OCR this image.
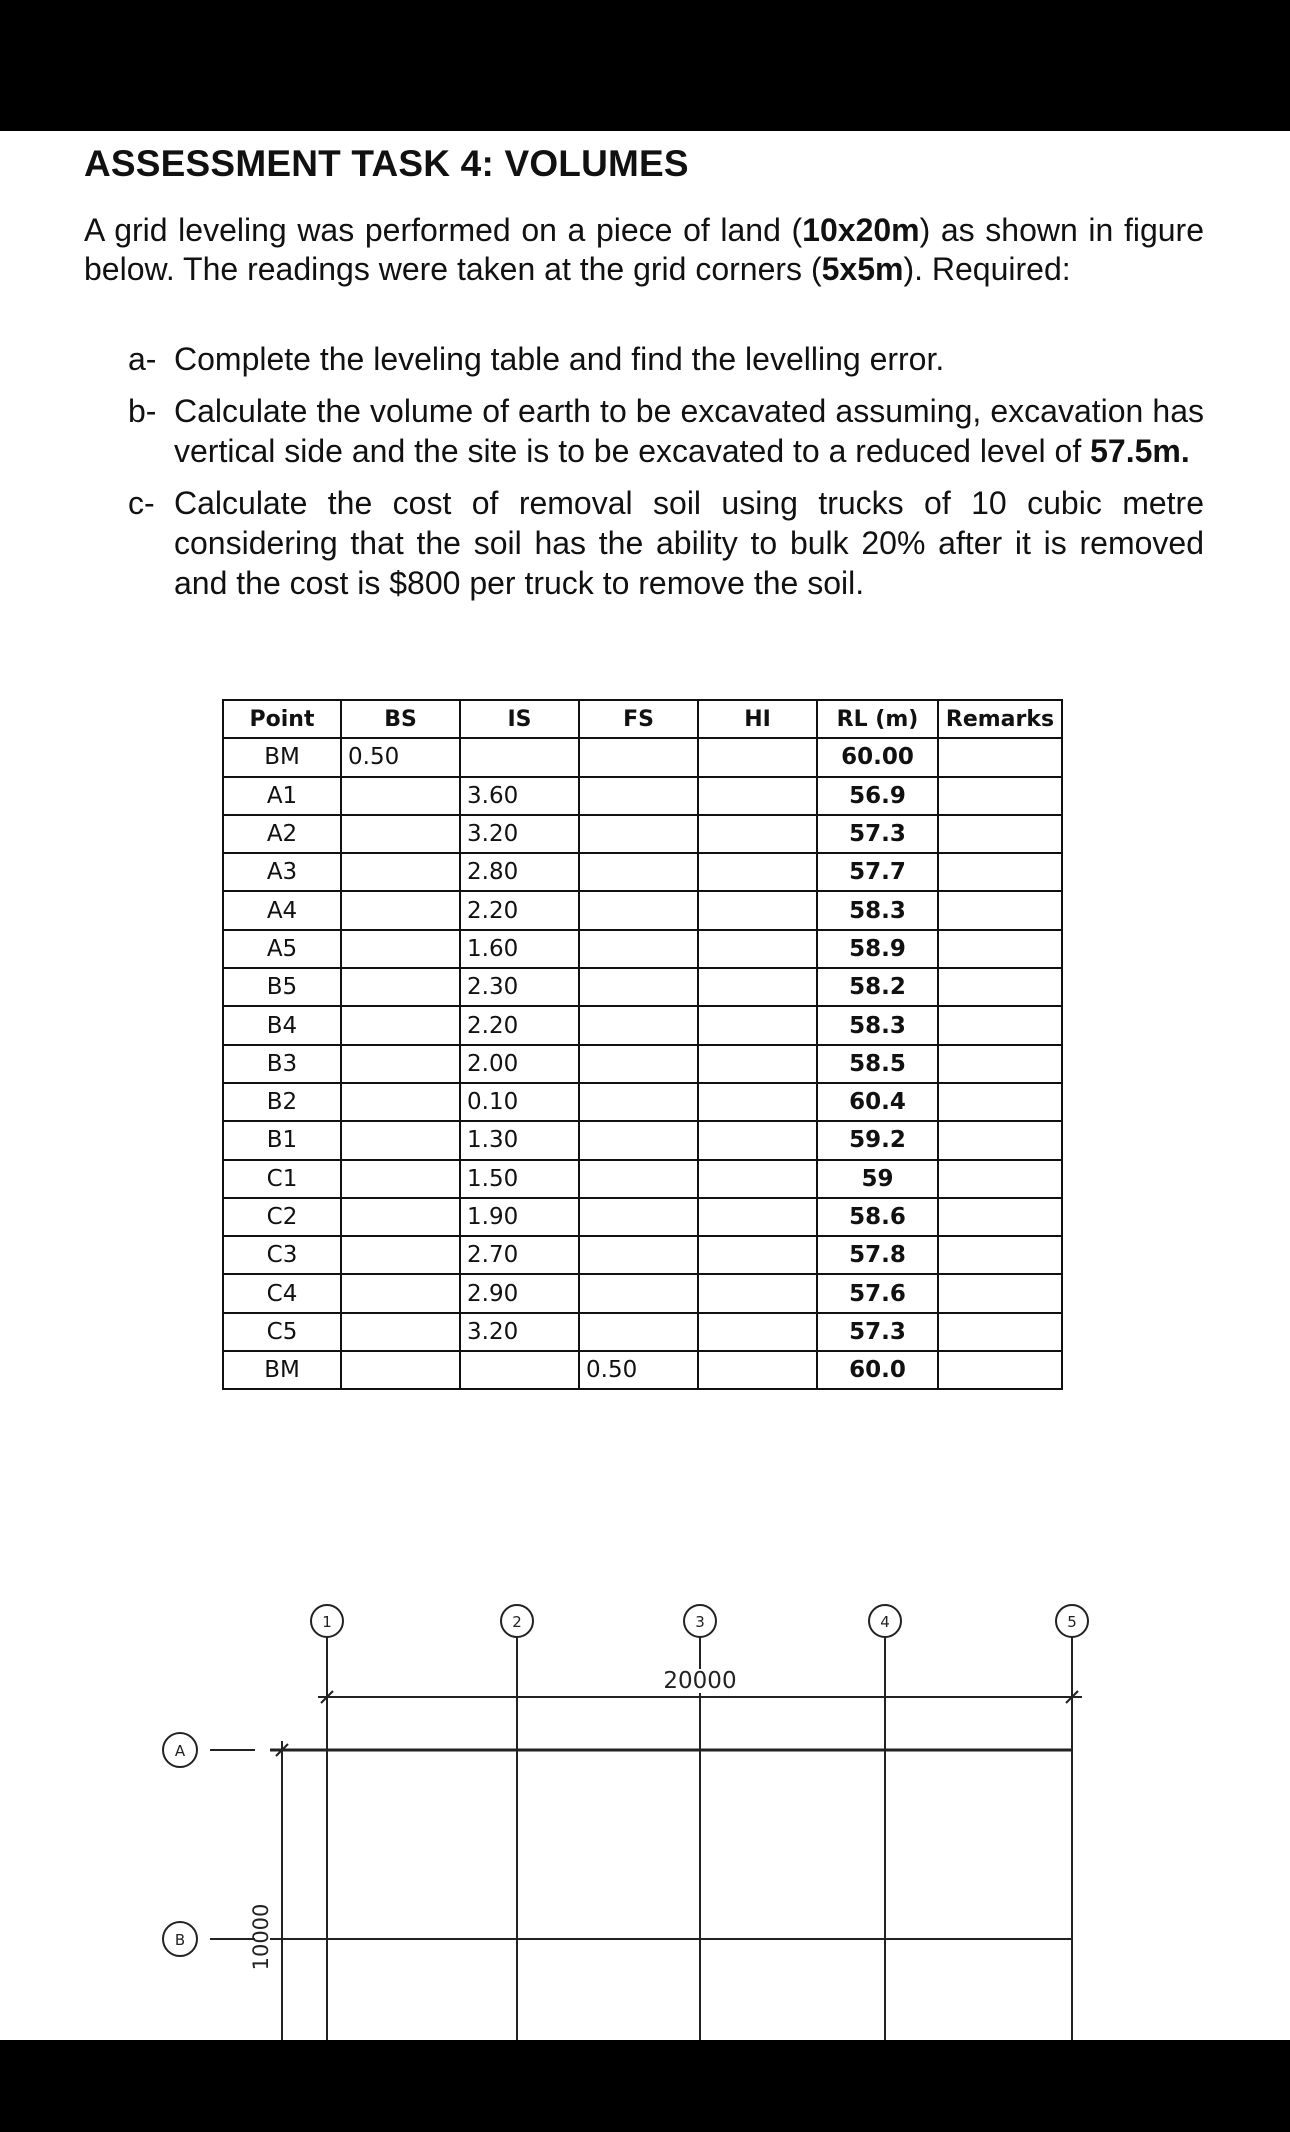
ASSESSMENT TASK 4: VOLUMES

A grid leveling was performed on a piece of land (10x20m) as shown in figure below. The readings were taken at the grid corners (5x5m). Required:

a- Complete the leveling table and find the levelling error.
b- Calculate the volume of earth to be excavated assuming, excavation has vertical side and the site is to be excavated to a reduced level of 57.5m.
c- Calculate the cost of removal soil using trucks of 10 cubic metre considering that the soil has the ability to bulk 20% after it is removed and the cost is $800 per truck to remove the soil.
Point	BS	IS	FS	HI	RL (m)	Remarks
BM	0.50				60.00	
A1		3.60			56.9	
A2		3.20			57.3	
A3		2.80			57.7	
A4		2.20			58.3	
A5		1.60			58.9	
B5		2.30			58.2	
B4		2.20			58.3	
B3		2.00			58.5	
B2		0.10			60.4	
B1		1.30			59.2	
C1		1.50			59	
C2		1.90			58.6	
C3		2.70			57.8	
C4		2.90			57.6	
C5		3.20			57.3	
BM			0.50		60.0	
1	2	3	4	5
A
B
20000
10000
